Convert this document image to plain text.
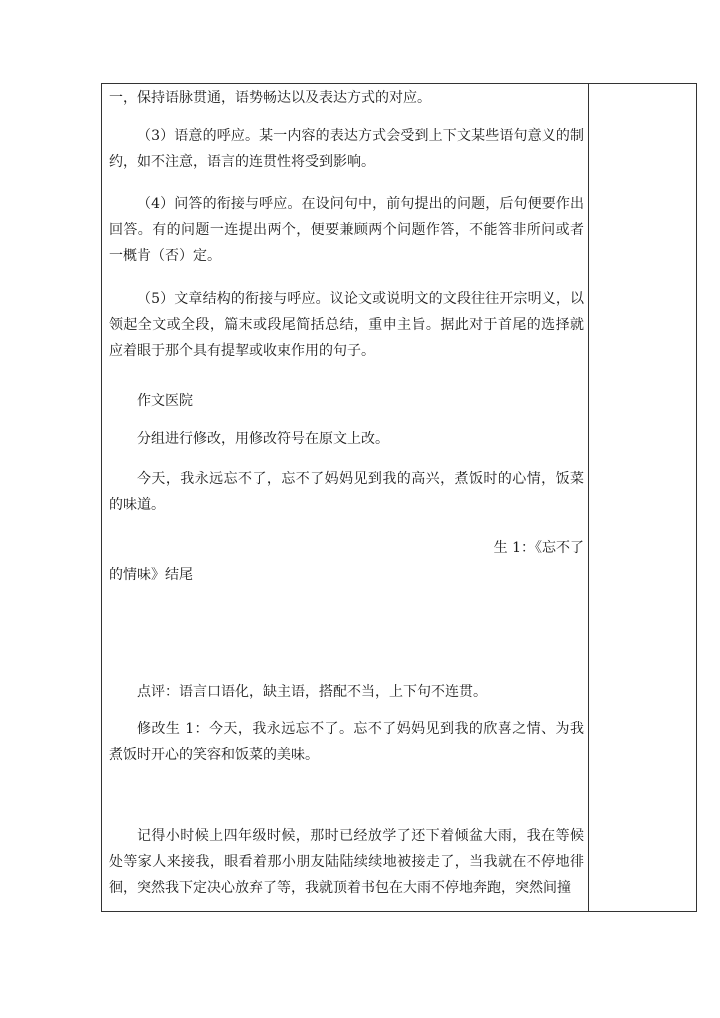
一，保持语脉贯通，语势畅达以及表达方式的对应。

（3）语意的呼应。某一内容的表达方式会受到上下文某些语句意义的制约，如不注意，语言的连贯性将受到影响。

（4）问答的衔接与呼应。在设问句中，前句提出的问题，后句便要作出回答。有的问题一连提出两个，便要兼顾两个问题作答，不能答非所问或者一概肯（否）定。

（5）文章结构的衔接与呼应。议论文或说明文的文段往往开宗明义，以领起全文或全段，篇末或段尾简括总结，重申主旨。据此对于首尾的选择就应着眼于那个具有提挈或收束作用的句子。

作文医院

分组进行修改，用修改符号在原文上改。

今天，我永远忘不了，忘不了妈妈见到我的高兴，煮饭时的心情，饭菜的味道。

生 1：《忘不了

的情味》结尾

点评：语言口语化，缺主语，搭配不当，上下句不连贯。

修改生 1：今天，我永远忘不了。忘不了妈妈见到我的欣喜之情、为我煮饭时开心的笑容和饭菜的美味。

记得小时候上四年级时候，那时已经放学了还下着倾盆大雨，我在等候处等家人来接我，眼看着那小朋友陆陆续续地被接走了，当我就在不停地徘徊，突然我下定决心放弃了等，我就顶着书包在大雨不停地奔跑，突然间撞
